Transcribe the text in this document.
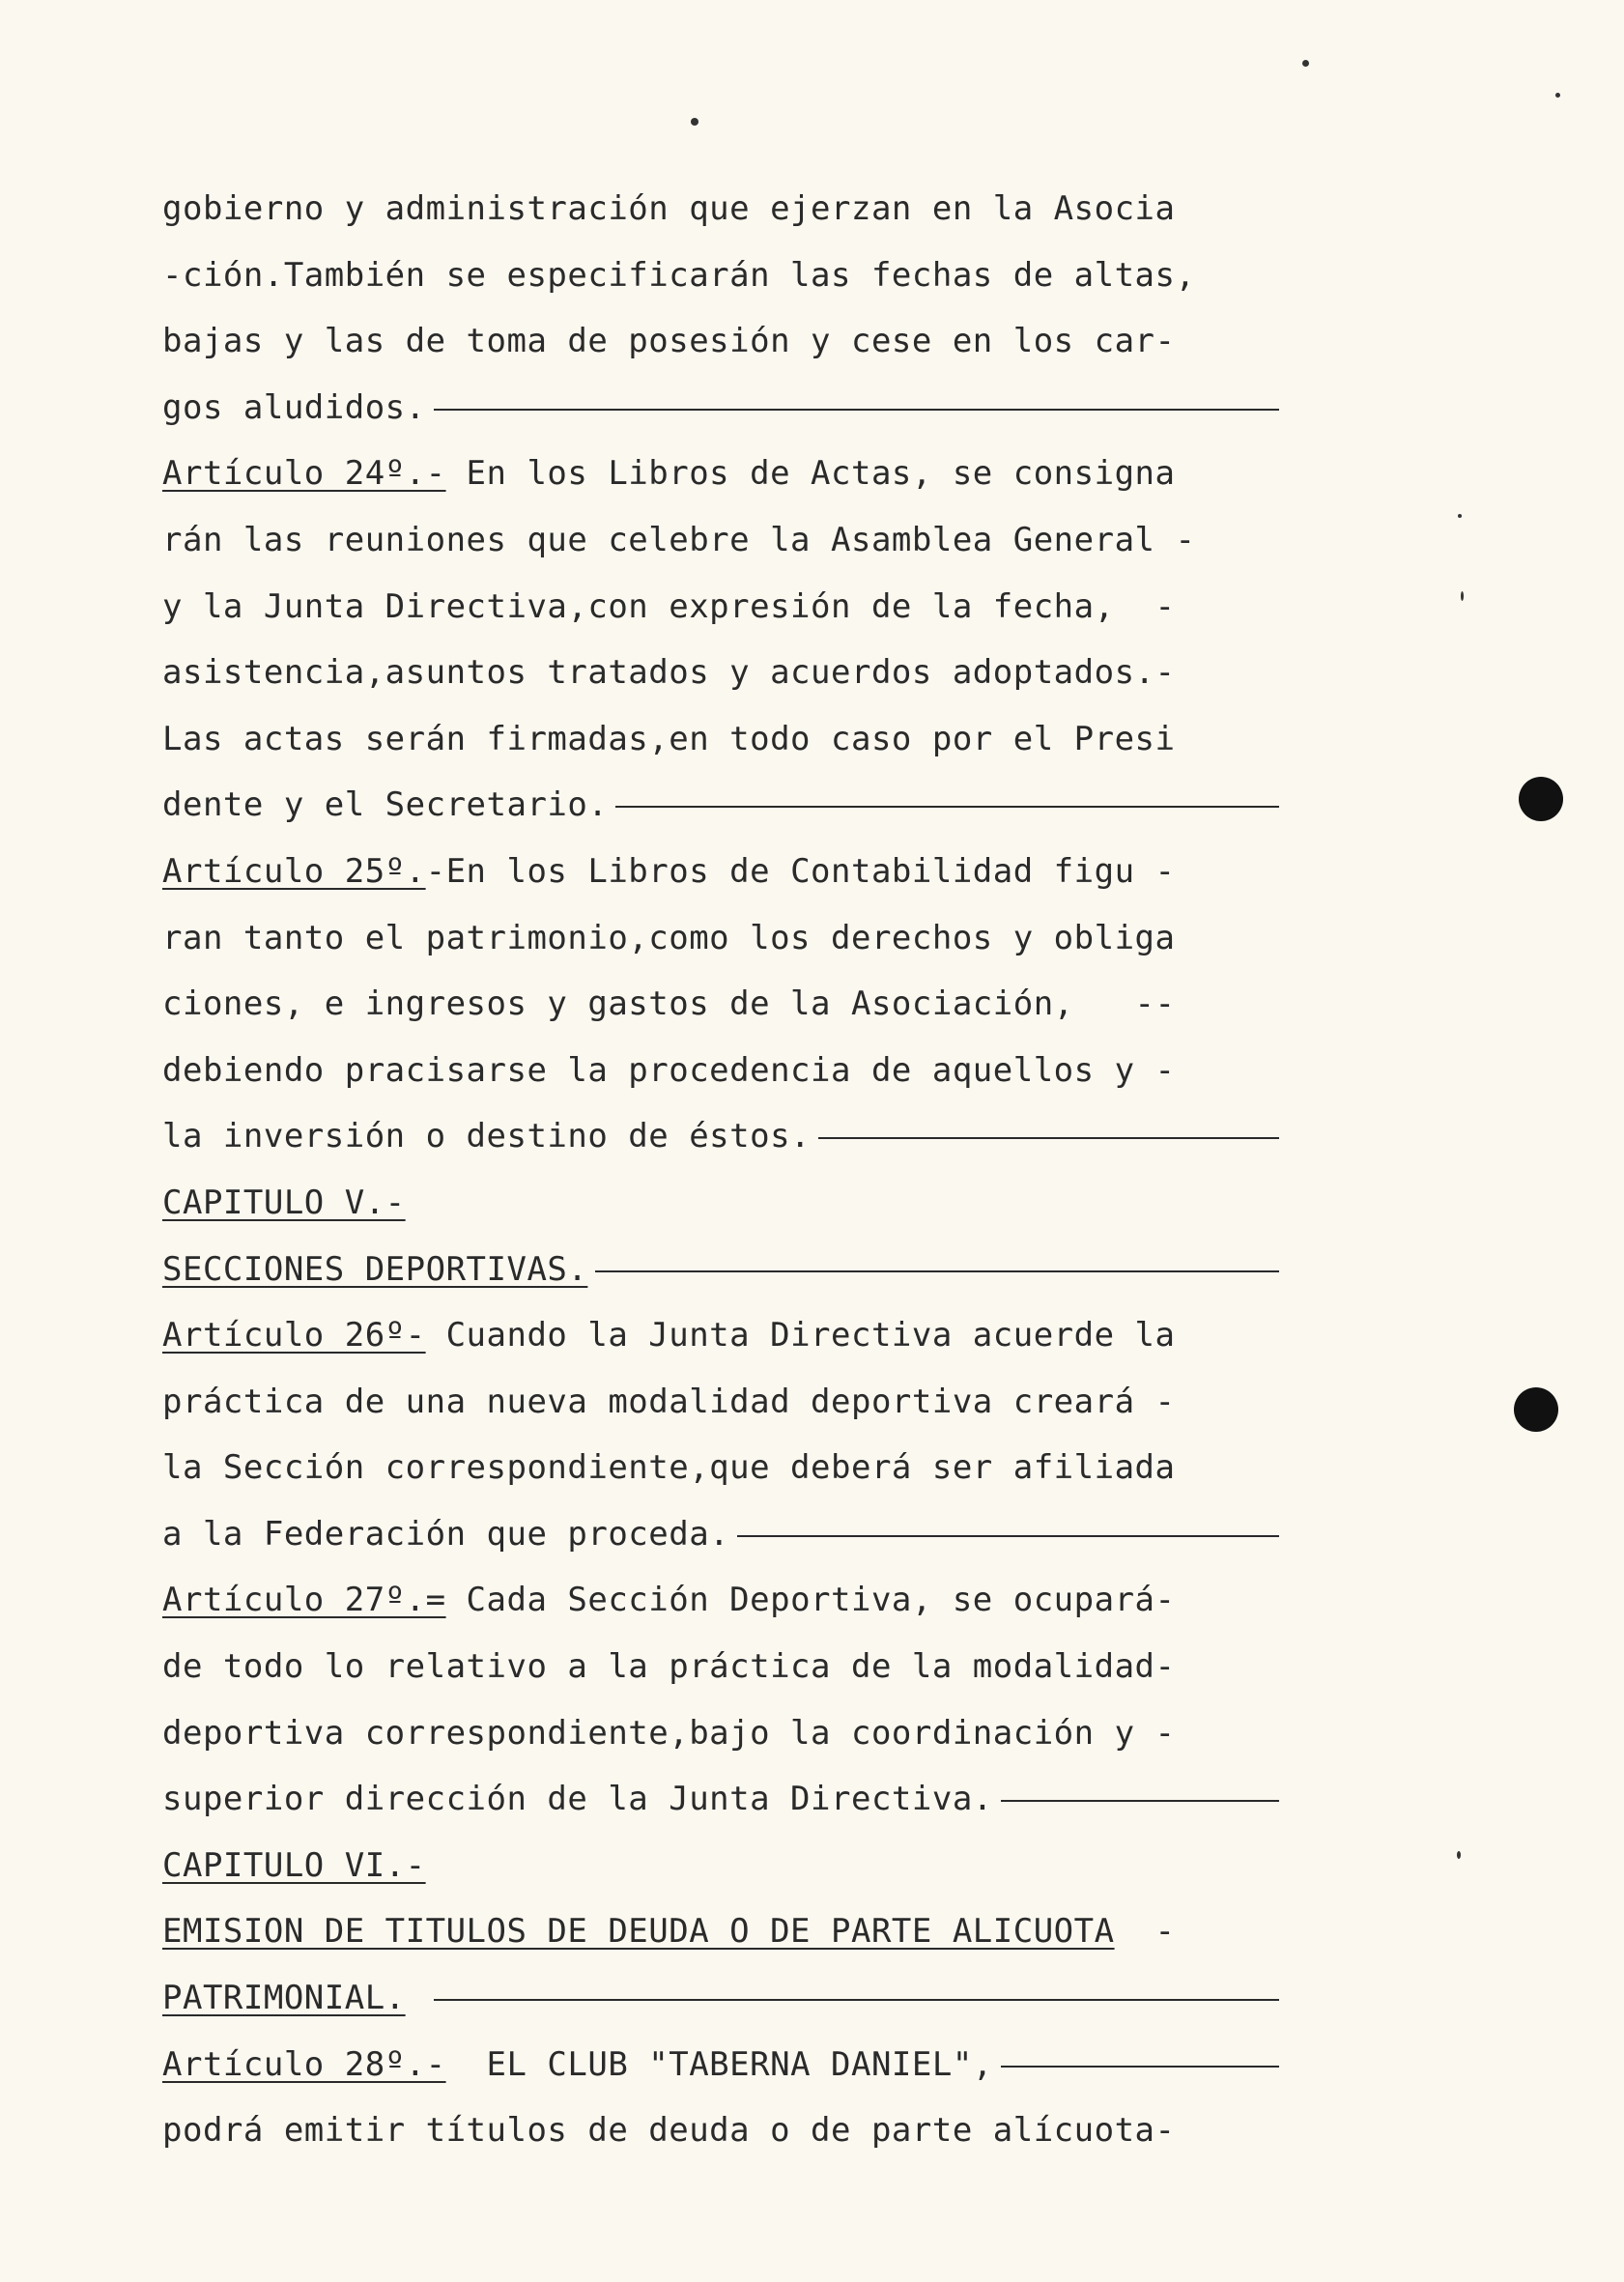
gobierno y administración que ejerzan en la Asocia
-ción.También se especificarán las fechas de altas,
bajas y las de toma de posesión y cese en los car-
gos aludidos.
Artículo 24º.- En los Libros de Actas, se consigna
rán las reuniones que celebre la Asamblea General -
y la Junta Directiva,con expresión de la fecha,  -
asistencia,asuntos tratados y acuerdos adoptados.-
Las actas serán firmadas,en todo caso por el Presi
dente y el Secretario.
Artículo 25º. -En los Libros de Contabilidad figu -
ran tanto el patrimonio,como los derechos y obliga
ciones, e ingresos y gastos de la Asociación,   --
debiendo pracisarse la procedencia de aquellos y -
la inversión o destino de éstos.
CAPITULO V.-
SECCIONES DEPORTIVAS.
Artículo 26º- Cuando la Junta Directiva acuerde la
práctica de una nueva modalidad deportiva creará -
la Sección correspondiente,que deberá ser afiliada
a la Federación que proceda.
Artículo 27º.= Cada Sección Deportiva, se ocupará-
de todo lo relativo a la práctica de la modalidad-
deportiva correspondiente,bajo la coordinación y -
superior dirección de la Junta Directiva.
CAPITULO VI.-
EMISION DE TITULOS DE DEUDA O DE PARTE ALICUOTA -
PATRIMONIAL.

Artículo 28º.- EL CLUB "TABERNA DANIEL",
podrá emitir títulos de deuda o de parte alícuota-
